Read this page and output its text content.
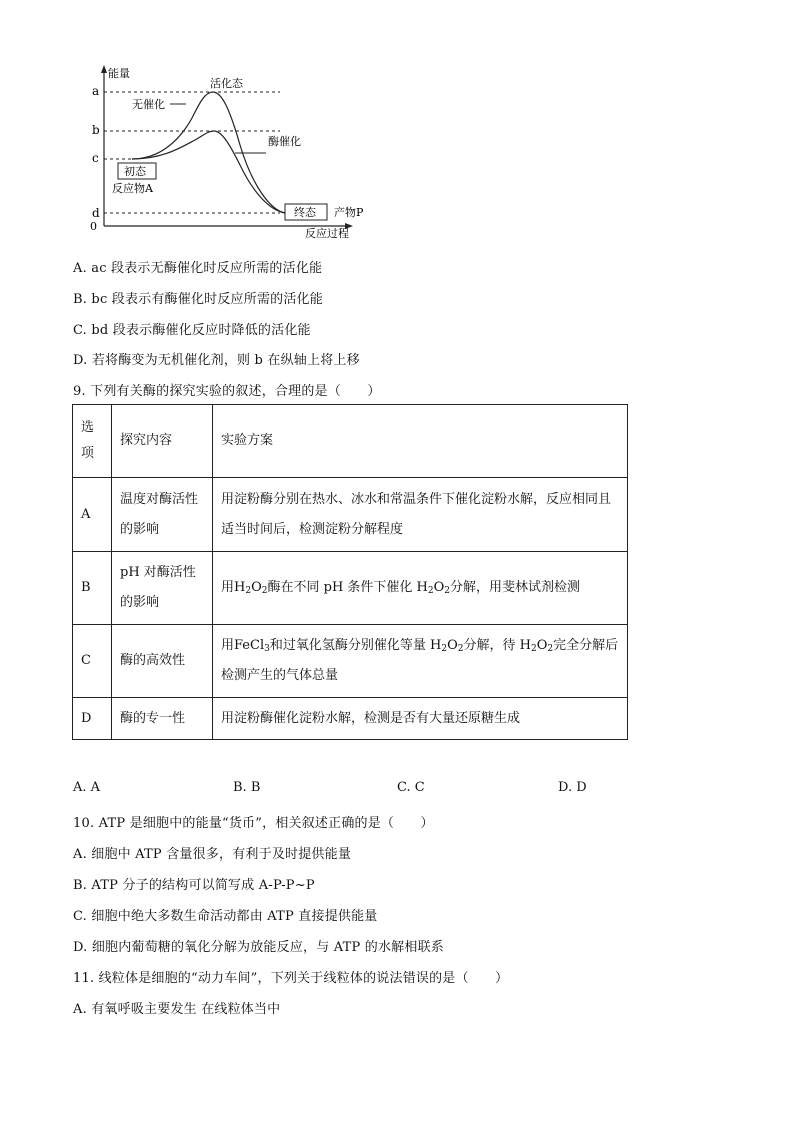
能量
反应过程
0
a
b
c
d
活化态
无催化
酶催化
初态
反应物A
终态 产物P
A. ac 段表示无酶催化时反应所需的活化能
B. bc 段表示有酶催化时反应所需的活化能
C. bd 段表示酶催化反应时降低的活化能
D. 若将酶变为无机催化剂，则 b 在纵轴上将上移
9. 下列有关酶的探究实验的叙述，合理的是（　　）
选项	探究内容	实验方案
A	温度对酶活性的影响	用淀粉酶分别在热水、冰水和常温条件下催化淀粉水解，反应相同且适当时间后，检测淀粉分解程度
B	pH 对酶活性的影响	用$H_2O_2$酶在不同 pH 条件下催化 $H_2O_2$分解，用斐林试剂检测
C	酶的高效性	用FeCl$_3$和过氧化氢酶分别催化等量 $H_2O_2$分解，待 $H_2O_2$完全分解后检测产生的气体总量
D	酶的专一性	用淀粉酶催化淀粉水解，检测是否有大量还原糖生成
A. A	B. B	C. C	D. D
10. ATP 是细胞中的能量“货币”，相关叙述正确的是（　　）
A. 细胞中 ATP 含量很多，有利于及时提供能量
B. ATP 分子的结构可以简写成 A-P-P~P
C. 细胞中绝大多数生命活动都由 ATP 直接提供能量
D. 细胞内葡萄糖的氧化分解为放能反应，与 ATP 的水解相联系
11. 线粒体是细胞的“动力车间”，下列关于线粒体的说法错误的是（　　）
A. 有氧呼吸主要发生 在线粒体当中
